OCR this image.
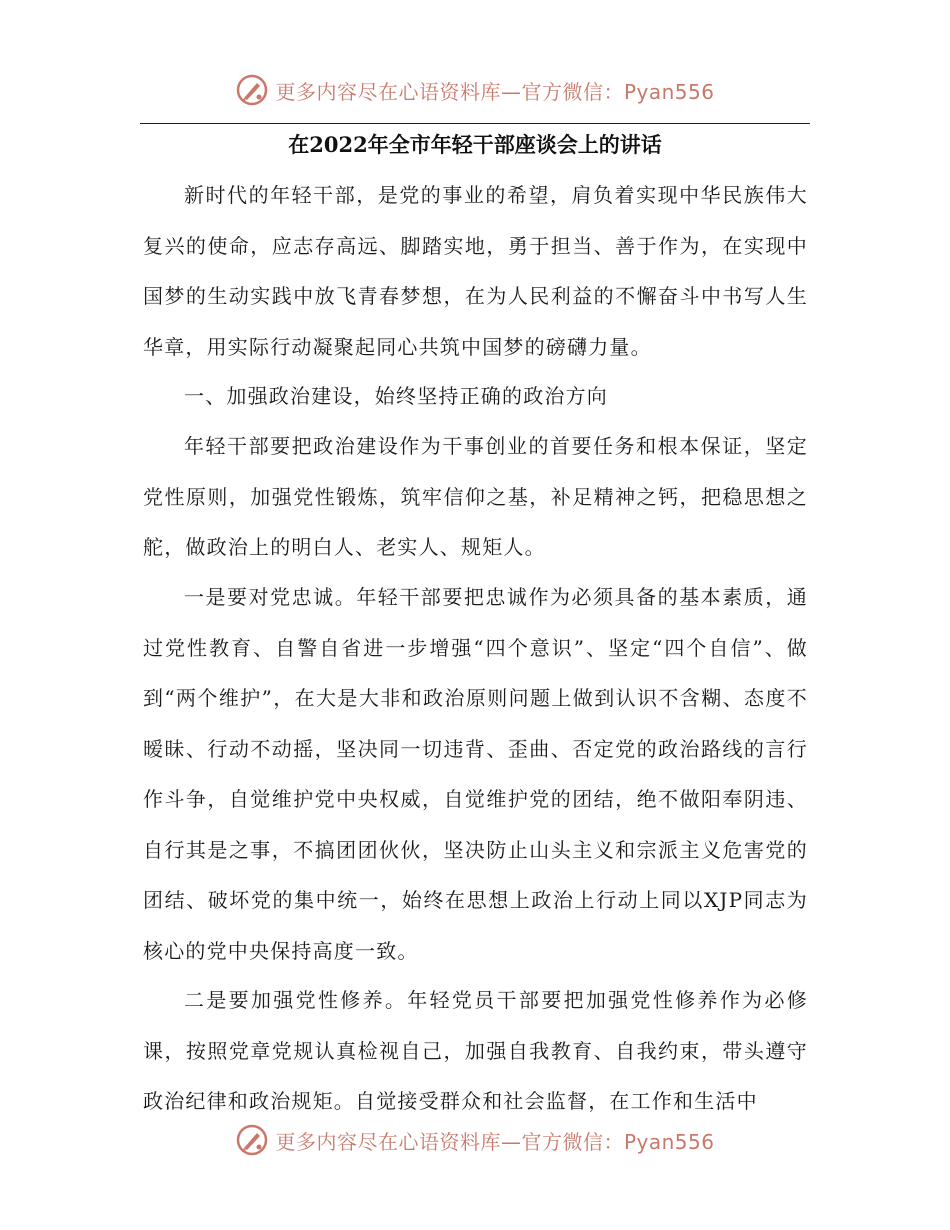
更多内容尽在心语资料库—官方微信：Pyan556
在2022年全市年轻干部座谈会上的讲话

新时代的年轻干部，是党的事业的希望，肩负着实现中华民族伟大复兴的使命，应志存高远、脚踏实地，勇于担当、善于作为，在实现中国梦的生动实践中放飞青春梦想，在为人民利益的不懈奋斗中书写人生华章，用实际行动凝聚起同心共筑中国梦的磅礴力量。

一、加强政治建设，始终坚持正确的政治方向

年轻干部要把政治建设作为干事创业的首要任务和根本保证，坚定党性原则，加强党性锻炼，筑牢信仰之基，补足精神之钙，把稳思想之舵，做政治上的明白人、老实人、规矩人。

一是要对党忠诚。年轻干部要把忠诚作为必须具备的基本素质，通过党性教育、自警自省进一步增强“四个意识”、坚定“四个自信”、做到“两个维护”，在大是大非和政治原则问题上做到认识不含糊、态度不暧昧、行动不动摇，坚决同一切违背、歪曲、否定党的政治路线的言行作斗争，自觉维护党中央权威，自觉维护党的团结，绝不做阳奉阴违、自行其是之事，不搞团团伙伙，坚决防止山头主义和宗派主义危害党的团结、破坏党的集中统一，始终在思想上政治上行动上同以XJP同志为核心的党中央保持高度一致。

二是要加强党性修养。年轻党员干部要把加强党性修养作为必修课，按照党章党规认真检视自己，加强自我教育、自我约束，带头遵守政治纪律和政治规矩。自觉接受群众和社会监督，在工作和生活中

更多内容尽在心语资料库—官方微信：Pyan556
